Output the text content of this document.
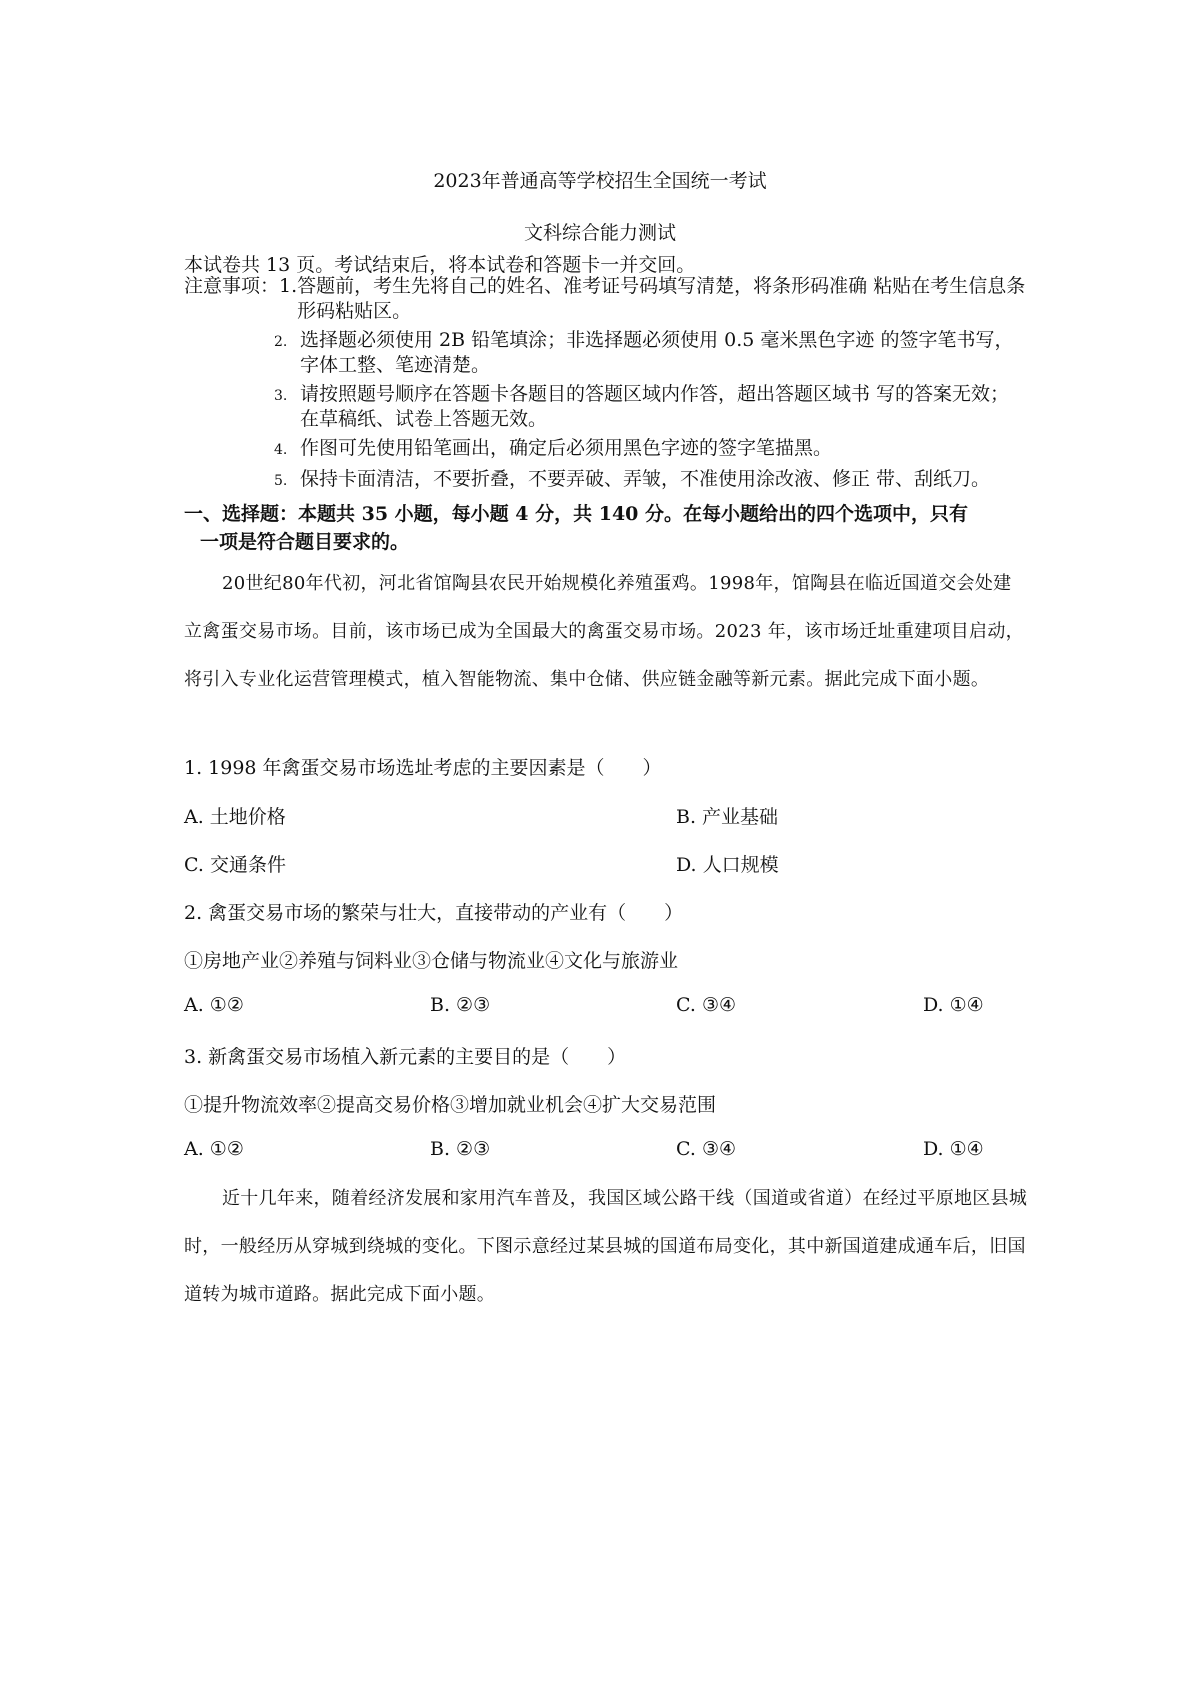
2023年普通高等学校招生全国统一考试
文科综合能力测试
本试卷共 13 页。考试结束后，将本试卷和答题卡一并交回。
注意事项： 1. 答题前，考生先将自己的姓名、准考证号码填写清楚，将条形码准确 粘贴在考生信息条形码粘贴区。
2. 选择题必须使用 2B 铅笔填涂；非选择题必须使用 0.5 毫米黑色字迹 的签字笔书写，字体工整、笔迹清楚。
3. 请按照题号顺序在答题卡各题目的答题区域内作答，超出答题区域书 写的答案无效；在草稿纸、试卷上答题无效。
4. 作图可先使用铅笔画出，确定后必须用黑色字迹的签字笔描黑。
5. 保持卡面清洁，不要折叠，不要弄破、弄皱，不准使用涂改液、修正 带、刮纸刀。
一、选择题：本题共 35 小题，每小题 4 分，共 140 分。在每小题给出的四个选项中，只有
一项是符合题目要求的。
20世纪80年代初，河北省馆陶县农民开始规模化养殖蛋鸡。1998年，馆陶县在临近国道交会处建立禽蛋交易市场。目前，该市场已成为全国最大的禽蛋交易市场。2023 年，该市场迁址重建项目启动，将引入专业化运营管理模式，植入智能物流、集中仓储、供应链金融等新元素。据此完成下面小题。
1. 1998 年禽蛋交易市场选址考虑的主要因素是（　　）
A. 土地价格	B. 产业基础
C. 交通条件	D. 人口规模
2. 禽蛋交易市场的繁荣与壮大，直接带动的产业有（　　）
①房地产业②养殖与饲料业③仓储与物流业④文化与旅游业
A. ①②	B. ②③	C. ③④	D. ①④
3. 新禽蛋交易市场植入新元素的主要目的是（　　）
①提升物流效率②提高交易价格③增加就业机会④扩大交易范围
A. ①②	B. ②③	C. ③④	D. ①④
近十几年来，随着经济发展和家用汽车普及，我国区域公路干线（国道或省道）在经过平原地区县城时，一般经历从穿城到绕城的变化。下图示意经过某县城的国道布局变化，其中新国道建成通车后，旧国道转为城市道路。据此完成下面小题。
